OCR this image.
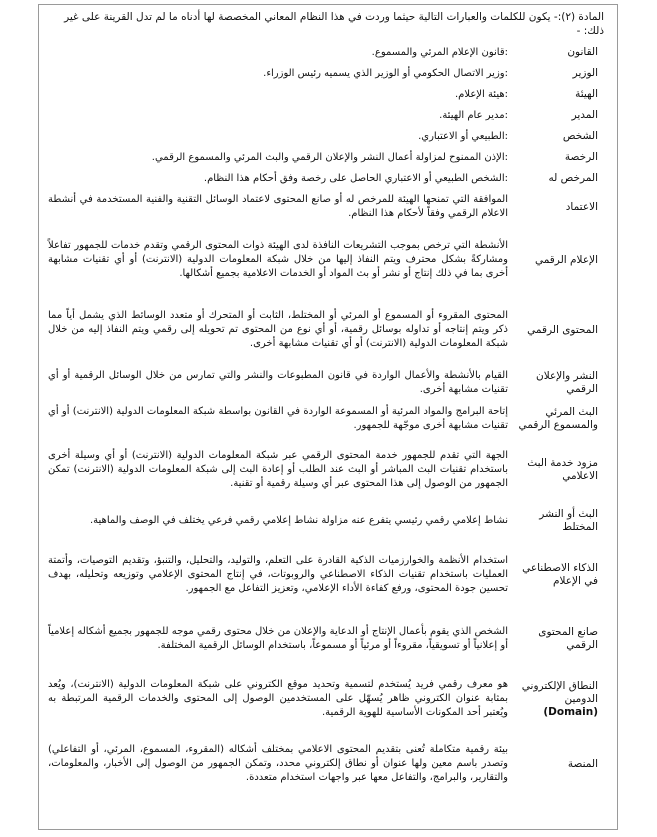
المادة (٢):- يكون للكلمات والعبارات التالية حيثما وردت في هذا النظام المعاني المخصصة لها أدناه ما لم تدل القرينة على غير ذلك: -

القانون	:قانون الإعلام المرئي والمسموع.
الوزير	:وزير الاتصال الحكومي أو الوزير الذي يسميه رئيس الوزراء.
الهيئة	:هيئة الإعلام.
المدير	:مدير عام الهيئة.
الشخص	:الطبيعي أو الاعتباري.
الرخصة	:الإذن الممنوح لمزاولة أعمال النشر والإعلان الرقمي والبث المرئي والمسموع الرقمي.
المرخص له	:الشخص الطبيعي أو الاعتباري الحاصل على رخصة وفق أحكام هذا النظام.
الاعتماد	الموافقة التي تمنحها الهيئة للمرخص له أو صانع المحتوى لاعتماد الوسائل التقنية والفنية المستخدمة في أنشطة الاعلام الرقمي وفقاً لأحكام هذا النظام.
الإعلام الرقمي	الأنشطة التي ترخص بموجب التشريعات النافذة لدى الهيئة ذوات المحتوى الرقمي وتقدم خدمات للجمهور تفاعلاً ومشاركةً بشكل محترف ويتم النفاذ إليها من خلال شبكة المعلومات الدولية (الانترنت) أو أي تقنيات مشابهة أخرى بما في ذلك إنتاج أو نشر أو بث المواد أو الخدمات الاعلامية بجميع أشكالها.
المحتوى الرقمي	المحتوى المقروء أو المسموع أو المرئي أو المختلط، الثابت أو المتحرك أو متعدد الوسائط الذي يشمل أياً مما ذكر ويتم إنتاجه أو تداوله بوسائل رقمية، أو أي نوع من المحتوى تم تحويله إلى رقمي ويتم النفاذ إليه من خلال شبكة المعلومات الدولية (الانترنت) أو أي تقنيات مشابهة أخرى.
النشر والإعلان الرقمي	القيام بالأنشطة والأعمال الواردة في قانون المطبوعات والنشر والتي تمارس من خلال الوسائل الرقمية أو أي تقنيات مشابهة أخرى.
البث المرئي والمسموع الرقمي	إتاحة البرامج والمواد المرئية أو المسموعة الواردة في القانون بواسطة شبكة المعلومات الدولية (الانترنت) أو أي تقنيات مشابهة أخرى موجّهة للجمهور.
مزود خدمة البث الاعلامي	الجهة التي تقدم للجمهور خدمة المحتوى الرقمي عبر شبكة المعلومات الدولية (الانترنت) أو أي وسيلة أخرى باستخدام تقنيات البث المباشر أو البث عند الطلب أو إعادة البث إلى شبكة المعلومات الدولية (الانترنت) تمكن الجمهور من الوصول إلى هذا المحتوى عبر أي وسيلة رقمية أو تقنية.
البث أو النشر المختلط	نشاط إعلامي رقمي رئيسي يتفرع عنه مزاولة نشاط إعلامي رقمي فرعي يختلف في الوصف والماهية.
الذكاء الاصطناعي في الإعلام	استخدام الأنظمة والخوارزميات الذكية القادرة على التعلم، والتوليد، والتحليل، والتنبؤ، وتقديم التوصيات، وأتمتة العمليات باستخدام تقنيات الذكاء الاصطناعي والروبوتات، في إنتاج المحتوى الإعلامي وتوزيعه وتحليله، بهدف تحسين جودة المحتوى، ورفع كفاءة الأداء الإعلامي، وتعزيز التفاعل مع الجمهور.
صانع المحتوى الرقمي	الشخص الذي يقوم بأعمال الإنتاج أو الدعاية والإعلان من خلال محتوى رقمي موجه للجمهور بجميع أشكاله إعلامياً أو إعلانياً أو تسويقياً، مقروءاً أو مرئياً أو مسموعاً، باستخدام الوسائل الرقمية المختلفة.
النطاق الإلكتروني الدومين (Domain)	هو معرف رقمي فريد يُستخدم لتسمية وتحديد موقع الكتروني على شبكة المعلومات الدولية (الانترنت)، ويُعد بمثابة عنوان الكتروني ظاهر يُسهّل على المستخدمين الوصول إلى المحتوى والخدمات الرقمية المرتبطة به ويُعتبر أحد المكونات الأساسية للهوية الرقمية.
المنصة	بيئة رقمية متكاملة تُعنى بتقديم المحتوى الاعلامي بمختلف أشكاله (المقروء، المسموع، المرئي، أو التفاعلي) وتصدر باسم معين ولها عنوان أو نطاق إلكتروني محدد، وتمكن الجمهور من الوصول إلى الأخبار، والمعلومات، والتقارير، والبرامج، والتفاعل معها عبر واجهات استخدام متعددة.
